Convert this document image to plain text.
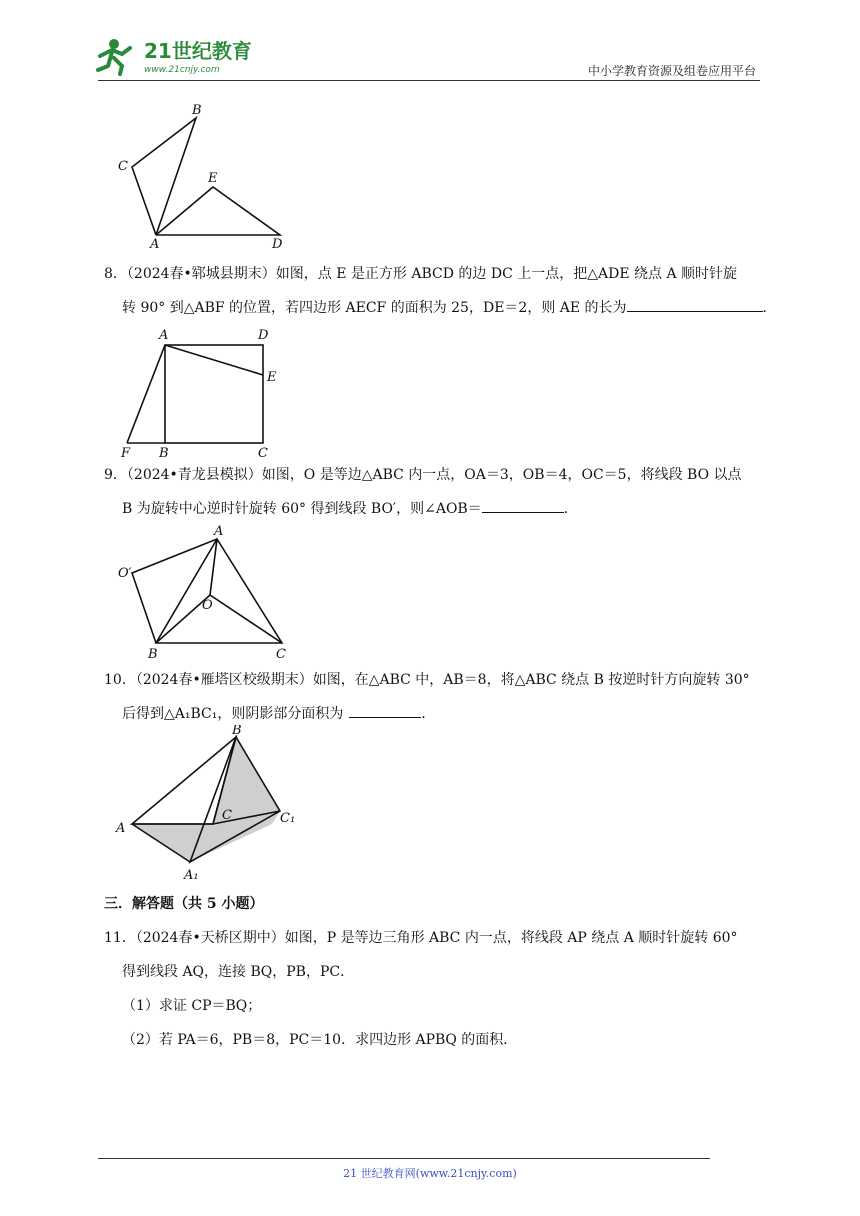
21世纪教育
www.21cnjy.com	中小学教育资源及组卷应用平台
B
C
E
A	D
8．（2024春•郓城县期末）如图，点 E 是正方形 ABCD 的边 DC 上一点，把△ADE 绕点 A 顺时针旋
转 90° 到△ABF 的位置，若四边形 AECF 的面积为 25，DE＝2，则 AE 的长为	．
A	D
E
F B	C
9．（2024•青龙县模拟）如图，O 是等边△ABC 内一点，OA＝3，OB＝4，OC＝5，将线段 BO 以点
B 为旋转中心逆时针旋转 60° 得到线段 BO′，则∠AOB＝	．
A
O′
O
B	C
10．（2024春•雁塔区校级期末）如图，在△ABC 中，AB＝8，将△ABC 绕点 B 按逆时针方向旋转 30°
后得到△A₁BC₁，则阴影部分面积为	．
B
C	C₁
A
A₁
三．解答题（共 5 小题）
11．（2024春•天桥区期中）如图，P 是等边三角形 ABC 内一点，将线段 AP 绕点 A 顺时针旋转 60°
得到线段 AQ，连接 BQ，PB，PC．
（1）求证 CP＝BQ；
（2）若 PA＝6，PB＝8，PC＝10．求四边形 APBQ 的面积．
21 世纪教育网(www.21cnjy.com)
